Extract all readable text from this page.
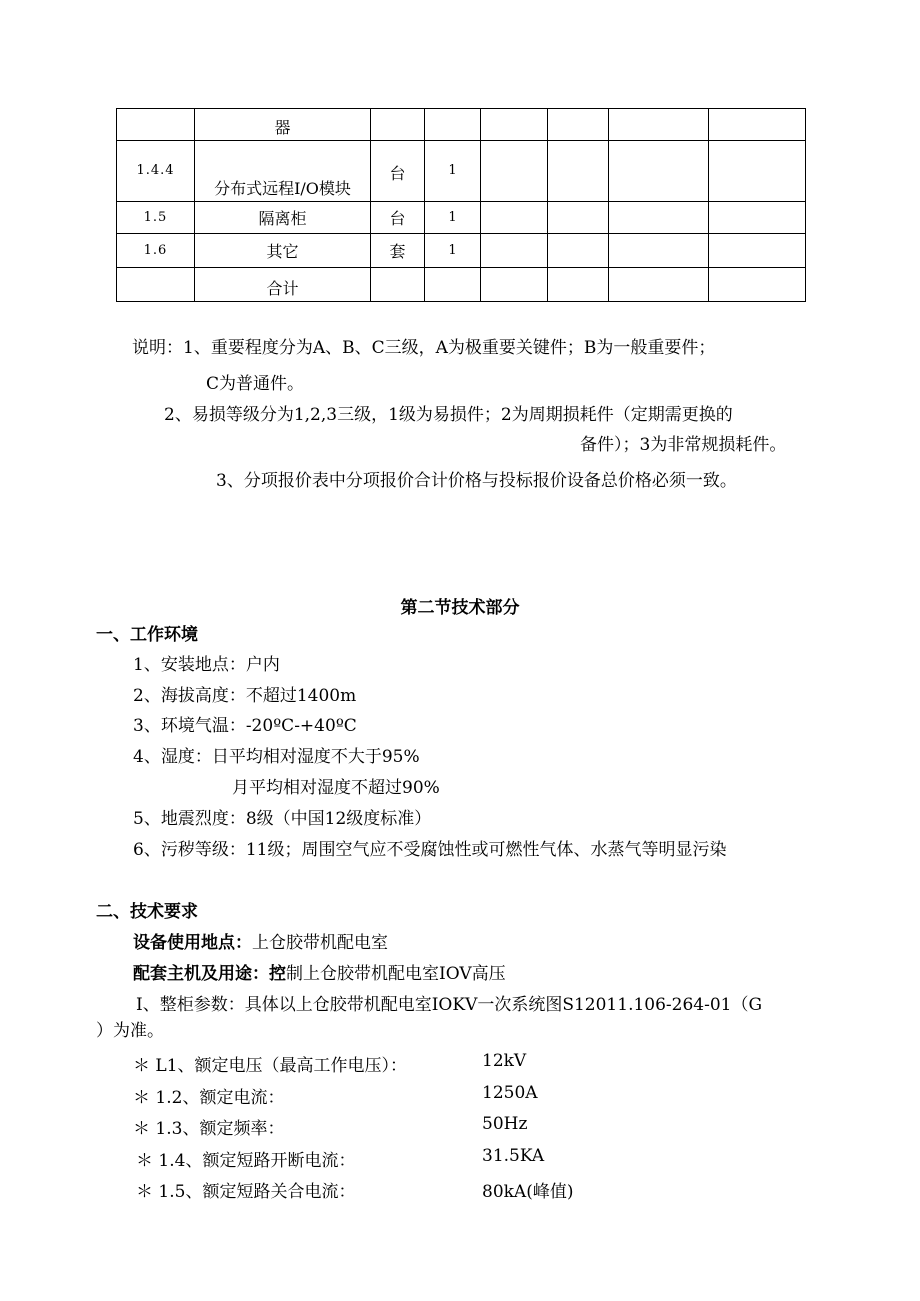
	器						
1.4.4	分布式远程I/O模块	台	1				
1.5	隔离柜	台	1				
1.6	其它	套	1				
	合计						
说明：1、重要程度分为A、B、C三级，A为极重要关键件；B为一般重要件；
C为普通件。
2、易损等级分为1,2,3三级，1级为易损件；2为周期损耗件（定期需更换的
备件）；3为非常规损耗件。
3、分项报价表中分项报价合计价格与投标报价设备总价格必须一致。
第二节技术部分
一、工作环境
1、安装地点：户内
2、海拔高度：不超过1400m
3、环境气温：-20ºC-+40ºC
4、湿度：日平均相对湿度不大于95%
月平均相对湿度不超过90%
5、地震烈度：8级（中国12级度标准）
6、污秽等级：11级；周围空气应不受腐蚀性或可燃性气体、水蒸气等明显污染
二、技术要求
设备使用地点：上仓胶带机配电室
配套主机及用途：控制上仓胶带机配电室IOV高压
I、整柜参数：具体以上仓胶带机配电室IOKV一次系统图S12011.106-264-01（G
）为准。
＊ L1、额定电压（最高工作电压）：	12kV
＊ 1.2、额定电流：	1250A
＊ 1.3、额定频率：	50Hz
＊ 1.4、额定短路开断电流：	31.5KA
＊ 1.5、额定短路关合电流：	80kA(峰值)
